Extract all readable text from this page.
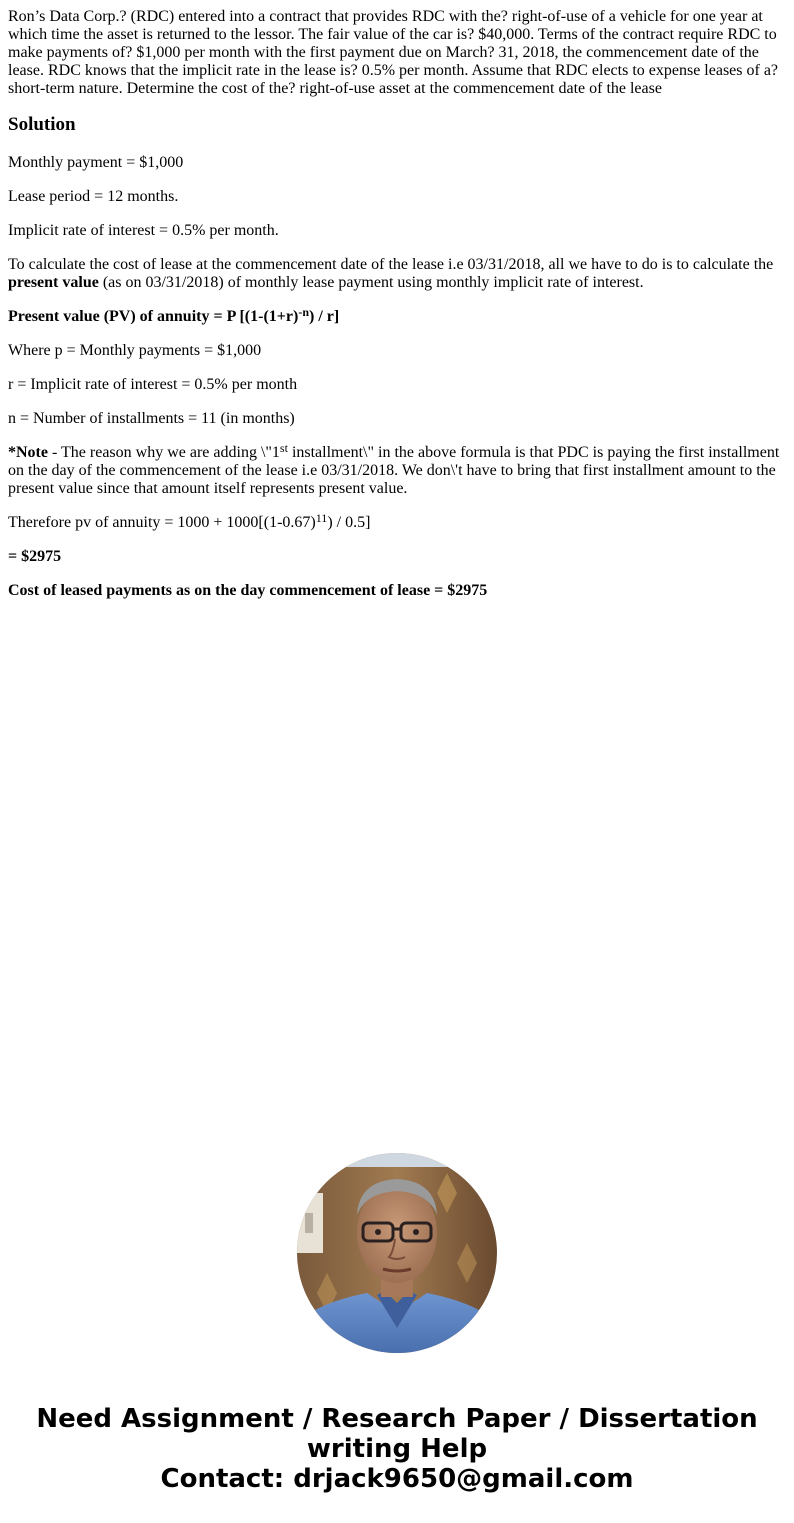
Ron’s Data Corp.? (RDC) entered into a contract that provides RDC with the? right-of-use of a vehicle for one year at which time the asset is returned to the lessor. The fair value of the car is? $40,000. Terms of the contract require RDC to make payments of? $1,000 per month with the first payment due on March? 31, 2018, the commencement date of the lease. RDC knows that the implicit rate in the lease is? 0.5% per month. Assume that RDC elects to expense leases of a? short-term nature. Determine the cost of the? right-of-use asset at the commencement date of the lease

Solution

Monthly payment = $1,000

Lease period = 12 months.

Implicit rate of interest = 0.5% per month.

To calculate the cost of lease at the commencement date of the lease i.e 03/31/2018, all we have to do is to calculate the present value (as on 03/31/2018) of monthly lease payment using monthly implicit rate of interest.

Present value (PV) of annuity = P $[(1-(1+r)^{-n}) / r]$

Where p = Monthly payments = $1,000

r = Implicit rate of interest = 0.5% per month

n = Number of installments = 11 (in months)

*Note - The reason why we are adding \"1st installment\" in the above formula is that PDC is paying the first installment on the day of the commencement of the lease i.e 03/31/2018. We don\'t have to bring that first installment amount to the present value since that amount itself represents present value.

Therefore pv of annuity = $1000 + 1000[(1-0.67)^{11}) / 0.5$]

= $2975

Cost of leased payments as on the day commencement of lease = $2975

Need Assignment / Research Paper / Dissertation
writing Help
Contact: drjack9650@gmail.com
